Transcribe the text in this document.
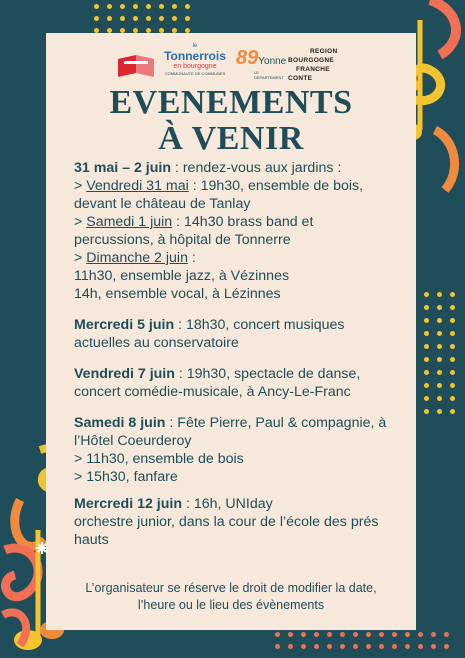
le
Tonnerrois
en bourgogne
COMMUNAUTE DE COMMUNES
89Yonne
LE DEPARTEMENT
REGION
BOURGOGNE
FRANCHE
CONTE
EVENEMENTS
À VENIR

31 mai – 2 juin : rendez-vous aux jardins :

> Vendredi 31 mai : 19h30, ensemble de bois,

devant le château de Tanlay

> Samedi 1 juin : 14h30 brass band et

percussions, à hôpital de Tonnerre

> Dimanche 2 juin :

11h30, ensemble jazz, à Vézinnes

14h, ensemble vocal, à Lézinnes

Mercredi 5 juin : 18h30, concert musiques

actuelles au conservatoire

Vendredi 7 juin : 19h30, spectacle de danse,

concert comédie-musicale, à Ancy-Le-Franc

Samedi 8 juin : Fête Pierre, Paul & compagnie, à

l’Hôtel Coeurderoy

> 11h30, ensemble de bois

> 15h30, fanfare

Mercredi 12 juin : 16h, UNIday

orchestre junior, dans la cour de l’école des prés

hauts

L’organisateur se réserve le droit de modifier la date,
l’heure ou le lieu des évènements
